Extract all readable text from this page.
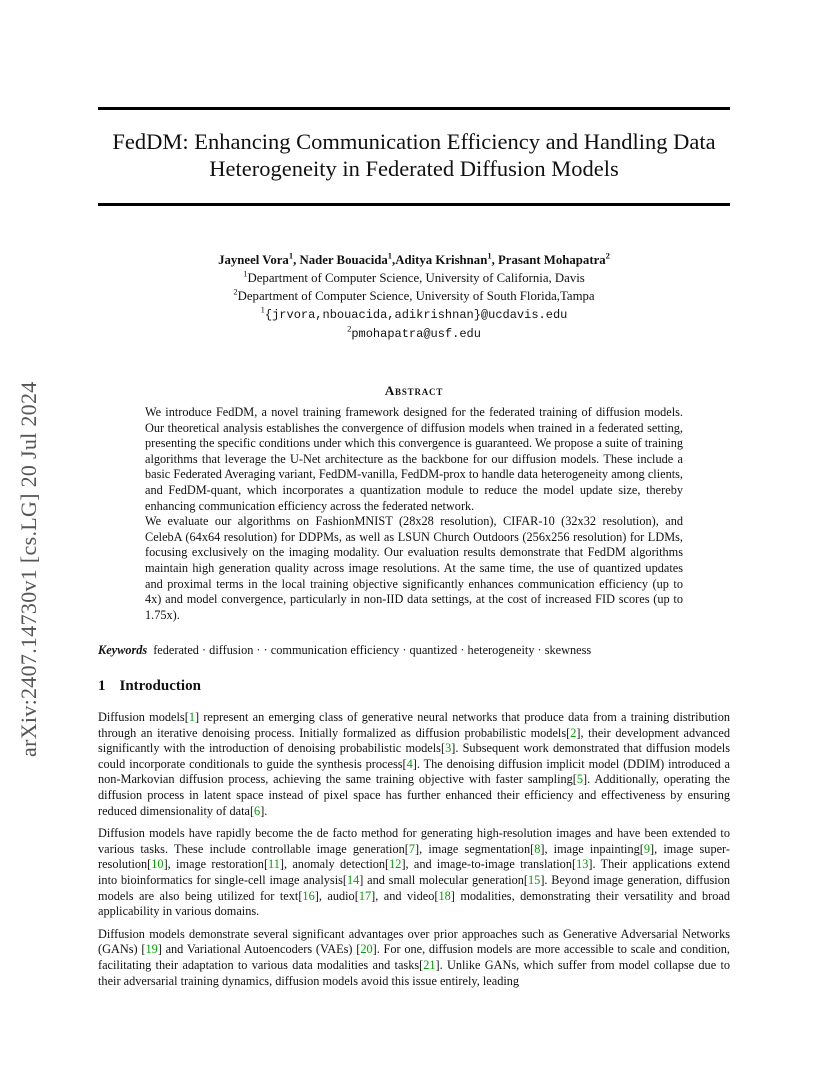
arXiv:2407.14730v1 [cs.LG] 20 Jul 2024
FedDM: Enhancing Communication Efficiency and Handling Data Heterogeneity in Federated Diffusion Models
Jayneel Vora$^1$, Nader Bouacida$^1$,Aditya Krishnan$^1$, Prasant Mohapatra$^2$
$^1$Department of Computer Science, University of California, Davis
$^2$Department of Computer Science, University of South Florida,Tampa
$^1${jrvora,nbouacida,adikrishnan}@ucdavis.edu
$^2$pmohapatra@usf.edu
Abstract

We introduce FedDM, a novel training framework designed for the federated training of diffusion models. Our theoretical analysis establishes the convergence of diffusion models when trained in a federated setting, presenting the specific conditions under which this convergence is guaranteed. We propose a suite of training algorithms that leverage the U-Net architecture as the backbone for our diffusion models. These include a basic Federated Averaging variant, FedDM-vanilla, FedDM-prox to handle data heterogeneity among clients, and FedDM-quant, which incorporates a quantization module to reduce the model update size, thereby enhancing communication efficiency across the federated network.

We evaluate our algorithms on FashionMNIST (28x28 resolution), CIFAR-10 (32x32 resolution), and CelebA (64x64 resolution) for DDPMs, as well as LSUN Church Outdoors (256x256 resolution) for LDMs, focusing exclusively on the imaging modality. Our evaluation results demonstrate that FedDM algorithms maintain high generation quality across image resolutions. At the same time, the use of quantized updates and proximal terms in the local training objective significantly enhances communication efficiency (up to 4x) and model convergence, particularly in non-IID data settings, at the cost of increased FID scores (up to 1.75x).

Keywords federated · diffusion · · communication efficiency · quantized · heterogeneity · skewness
1 Introduction

Diffusion models[1] represent an emerging class of generative neural networks that produce data from a training distribution through an iterative denoising process. Initially formalized as diffusion probabilistic models[2], their development advanced significantly with the introduction of denoising probabilistic models[3]. Subsequent work demonstrated that diffusion models could incorporate conditionals to guide the synthesis process[4]. The denoising diffusion implicit model (DDIM) introduced a non-Markovian diffusion process, achieving the same training objective with faster sampling[5]. Additionally, operating the diffusion process in latent space instead of pixel space has further enhanced their efficiency and effectiveness by ensuring reduced dimensionality of data[6].

Diffusion models have rapidly become the de facto method for generating high-resolution images and have been extended to various tasks. These include controllable image generation[7], image segmentation[8], image inpainting[9], image super-resolution[10], image restoration[11], anomaly detection[12], and image-to-image translation[13]. Their applications extend into bioinformatics for single-cell image analysis[14] and small molecular generation[15]. Beyond image generation, diffusion models are also being utilized for text[16], audio[17], and video[18] modalities, demonstrating their versatility and broad applicability in various domains.

Diffusion models demonstrate several significant advantages over prior approaches such as Generative Adversarial Networks (GANs) [19] and Variational Autoencoders (VAEs) [20]. For one, diffusion models are more accessible to scale and condition, facilitating their adaptation to various data modalities and tasks[21]. Unlike GANs, which suffer from model collapse due to their adversarial training dynamics, diffusion models avoid this issue entirely, leading
